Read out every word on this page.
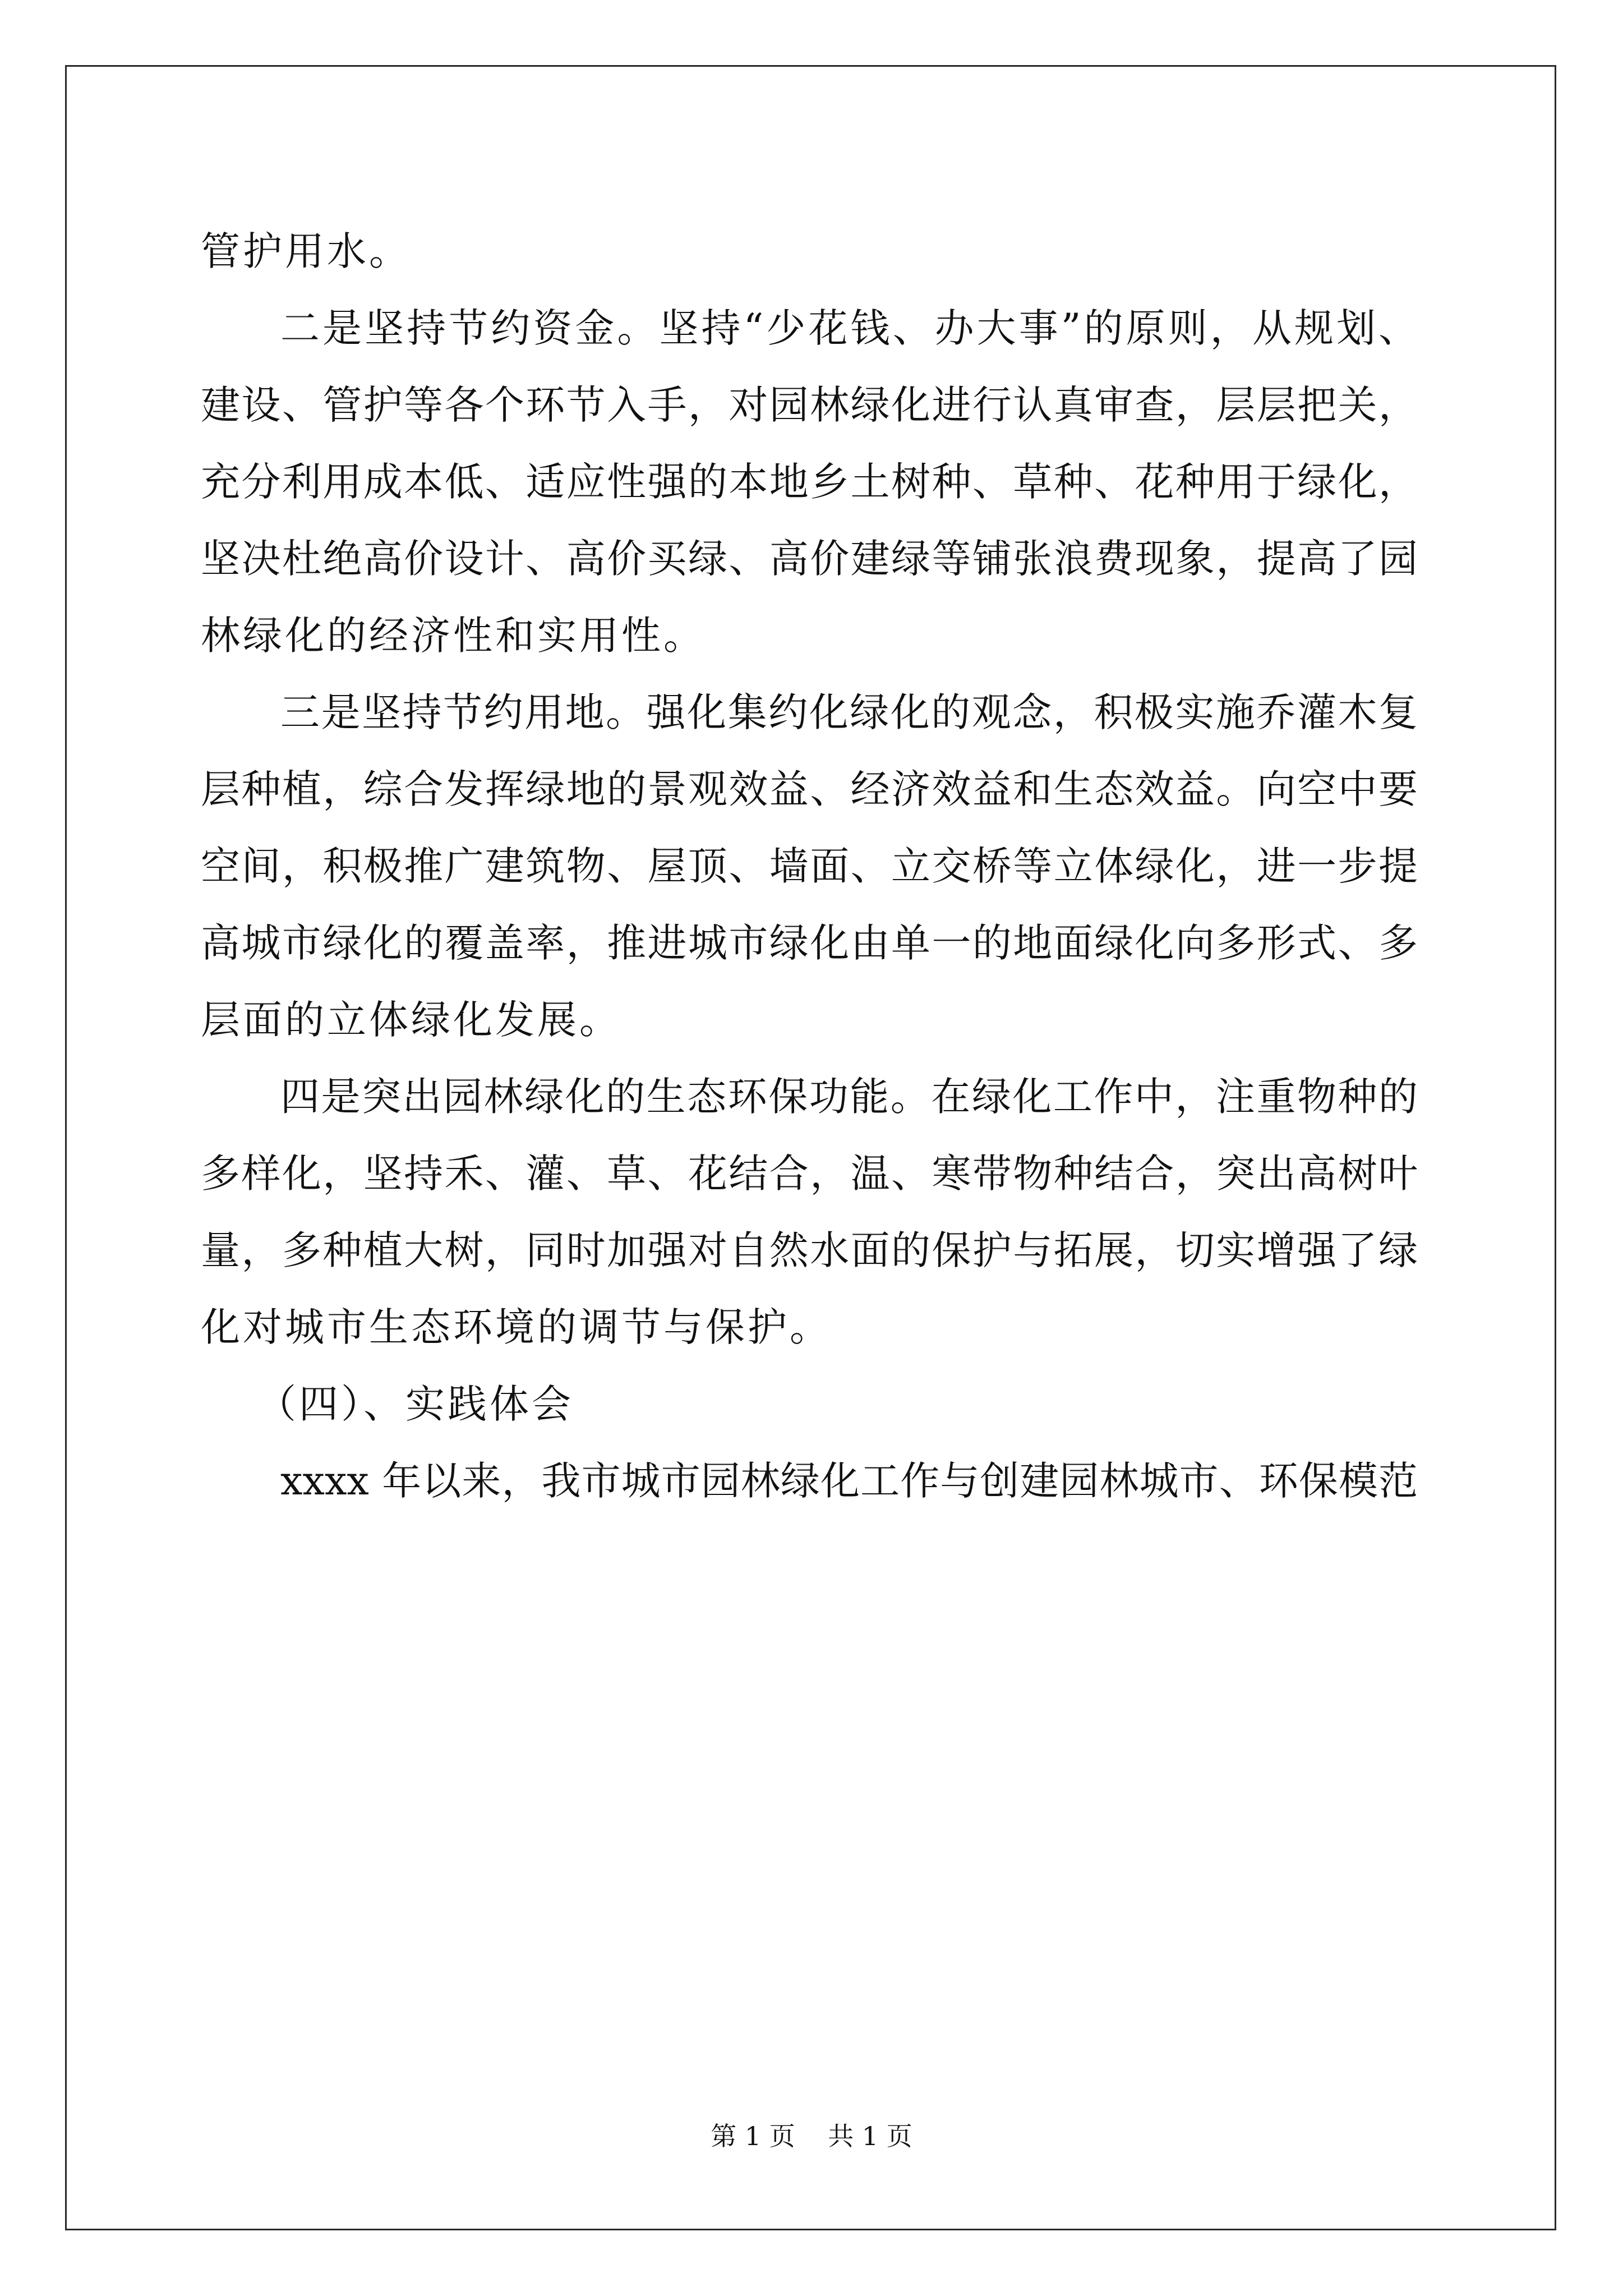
管护用水。
二是坚持节约资金。坚持“少花钱、办大事”的原则，从规划、
建设、管护等各个环节入手，对园林绿化进行认真审查，层层把关，
充分利用成本低、适应性强的本地乡土树种、草种、花种用于绿化，
坚决杜绝高价设计、高价买绿、高价建绿等铺张浪费现象，提高了园
林绿化的经济性和实用性。
三是坚持节约用地。强化集约化绿化的观念，积极实施乔灌木复
层种植，综合发挥绿地的景观效益、经济效益和生态效益。向空中要
空间，积极推广建筑物、屋顶、墙面、立交桥等立体绿化，进一步提
高城市绿化的覆盖率，推进城市绿化由单一的地面绿化向多形式、多
层面的立体绿化发展。
四是突出园林绿化的生态环保功能。在绿化工作中，注重物种的
多样化，坚持禾、灌、草、花结合，温、寒带物种结合，突出高树叶
量，多种植大树，同时加强对自然水面的保护与拓展，切实增强了绿
化对城市生态环境的调节与保护。
（四）、实践体会
xxxx 年以来，我市城市园林绿化工作与创建园林城市、环保模范
第 1 页 共 1 页
